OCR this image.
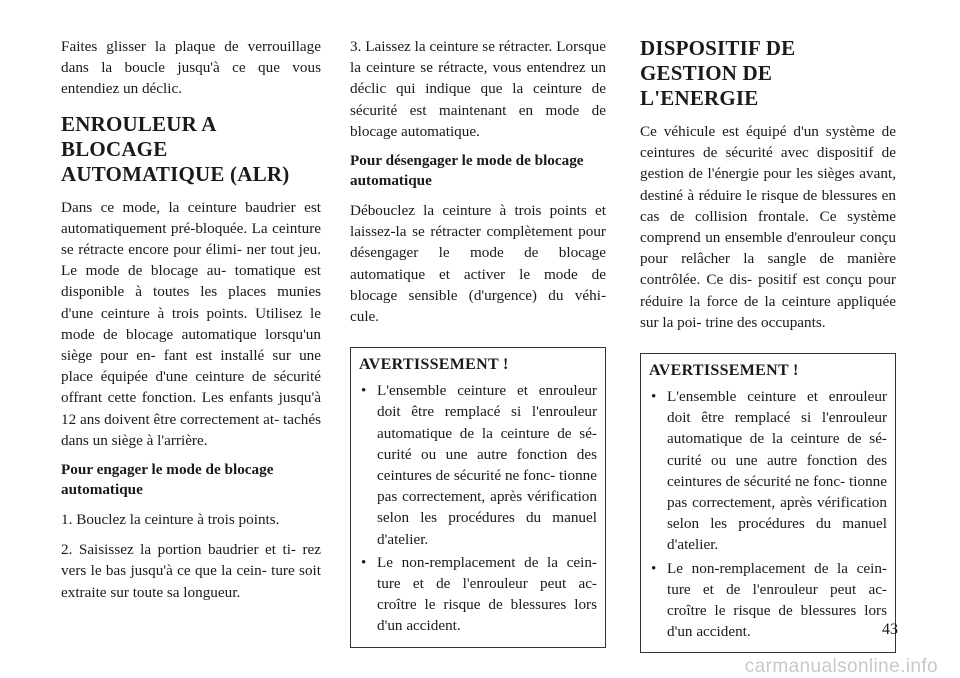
Faites glisser la plaque de verrouillage dans la boucle jusqu'à ce que vous entendiez un déclic.

ENROULEUR A BLOCAGE AUTOMATIQUE (ALR)

Dans ce mode, la ceinture baudrier est automatiquement pré-bloquée. La ceinture se rétracte encore pour élimi- ner tout jeu. Le mode de blocage au- tomatique est disponible à toutes les places munies d'une ceinture à trois points. Utilisez le mode de blocage automatique lorsqu'un siège pour en- fant est installé sur une place équipée d'une ceinture de sécurité offrant cette fonction. Les enfants jusqu'à 12 ans doivent être correctement at- tachés dans un siège à l'arrière.

Pour engager le mode de blocage automatique

1. Bouclez la ceinture à trois points.

2. Saisissez la portion baudrier et ti- rez vers le bas jusqu'à ce que la cein- ture soit extraite sur toute sa longueur.

3. Laissez la ceinture se rétracter. Lorsque la ceinture se rétracte, vous entendrez un déclic qui indique que la ceinture de sécurité est maintenant en mode de blocage automatique.

Pour désengager le mode de blocage automatique

Débouclez la ceinture à trois points et laissez-la se rétracter complètement pour désengager le mode de blocage automatique et activer le mode de blocage sensible (d'urgence) du véhi- cule.

AVERTISSEMENT !
• L'ensemble ceinture et enrouleur doit être remplacé si l'enrouleur automatique de la ceinture de sé- curité ou une autre fonction des ceintures de sécurité ne fonc- tionne pas correctement, après vérification selon les procédures du manuel d'atelier.
• Le non-remplacement de la cein- ture et de l'enrouleur peut ac- croître le risque de blessures lors d'un accident.
DISPOSITIF DE GESTION DE L'ENERGIE

Ce véhicule est équipé d'un système de ceintures de sécurité avec dispositif de gestion de l'énergie pour les sièges avant, destiné à réduire le risque de blessures en cas de collision frontale. Ce système comprend un ensemble d'enrouleur conçu pour relâcher la sangle de manière contrôlée. Ce dis- positif est conçu pour réduire la force de la ceinture appliquée sur la poi- trine des occupants.

AVERTISSEMENT !
• L'ensemble ceinture et enrouleur doit être remplacé si l'enrouleur automatique de la ceinture de sé- curité ou une autre fonction des ceintures de sécurité ne fonc- tionne pas correctement, après vérification selon les procédures du manuel d'atelier.
• Le non-remplacement de la cein- ture et de l'enrouleur peut ac- croître le risque de blessures lors d'un accident.	43
carmanualsonline.info
